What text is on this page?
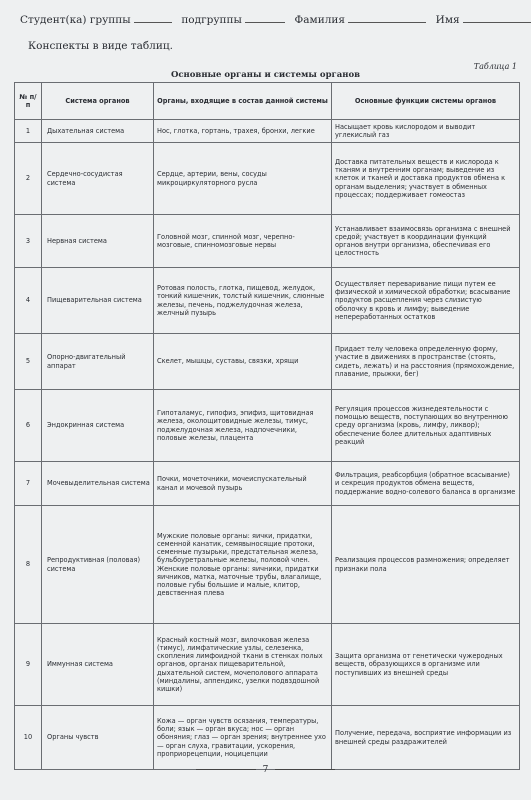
Студент(ка) группы	подгруппы	Фамилия	Имя
Конспекты в виде таблиц.
Таблица 1
Основные органы и системы органов
№ п/п	Система органов	Органы, входящие в состав данной системы	Основные функции системы органов
1	Дыхательная система	Нос, глотка, гортань, трахея, бронхи, легкие	Насыщает кровь кислородом и выводит углекислый газ
2	Сердечно-сосудистая система	Сердце, артерии, вены, сосуды микроциркуляторного русла	Доставка питательных веществ и кислорода к тканям и внутренним органам; выведение из клеток и тканей и доставка продуктов обмена к органам выделения; участвует в обменных процессах; поддерживает гомеостаз
3	Нервная система	Головной мозг, спинной мозг, черепно-мозговые, спинномозговые нервы	Устанавливает взаимосвязь организма с внешней средой; участвует в координации функций органов внутри организма, обеспечивая его целостность
4	Пищеварительная система	Ротовая полость, глотка, пищевод, желудок, тонкий кишечник, толстый кишечник, слюнные железы, печень, поджелудочная железа, желчный пузырь	Осуществляет переваривание пищи путем ее физической и химической обработки; всасывание продуктов расщепления через слизистую оболочку в кровь и лимфу; выведение непереработанных остатков
5	Опорно-двигательный аппарат	Скелет, мышцы, суставы, связки, хрящи	Придает телу человека определенную форму, участие в движениях в пространстве (стоять, сидеть, лежать) и на расстояния (прямохождение, плавание, прыжки, бег)
6	Эндокринная система	Гипоталамус, гипофиз, эпифиз, щитовидная железа, околощитовидные железы, тимус, поджелудочная железа, надпочечники, половые железы, плацента	Регуляция процессов жизнедеятельности с помощью веществ, поступающих во внутреннюю среду организма (кровь, лимфу, ликвор); обеспечение более длительных адаптивных реакций
7	Мочевыделительная система	Почки, мочеточники, мочеиспускательный канал и мочевой пузырь	Фильтрация, реабсорбция (обратное всасывание) и секреция продуктов обмена веществ, поддержание водно-солевого баланса в организме
8	Репродуктивная (половая) система	Мужские половые органы: яички, придатки, семенной канатик, семявыносящие протоки, семенные пузырьки, предстательная железа, бульбоуретральные железы, половой член. Женские половые органы: яичники, придатки яичников, матка, маточные трубы, влагалище, половые губы большие и малые, клитор, девственная плева	Реализация процессов размножения; определяет признаки пола
9	Иммунная система	Красный костный мозг, вилочковая железа (тимус), лимфатические узлы, селезенка, скопления лимфоидной ткани в стенках полых органов, органах пищеварительной, дыхательной систем, мочеполового аппарата (миндалины, аппендикс, узелки подвздошной кишки)	Защита организма от генетически чужеродных веществ, образующихся в организме или поступивших из внешней среды
10	Органы чувств	Кожа — орган чувств осязания, температуры, боли; язык — орган вкуса; нос — орган обоняния; глаз — орган зрения; внутреннее ухо — орган слуха, гравитации, ускорения, проприорецепции, ноцицепции	Получение, передача, восприятие информации из внешней среды раздражителей
7
